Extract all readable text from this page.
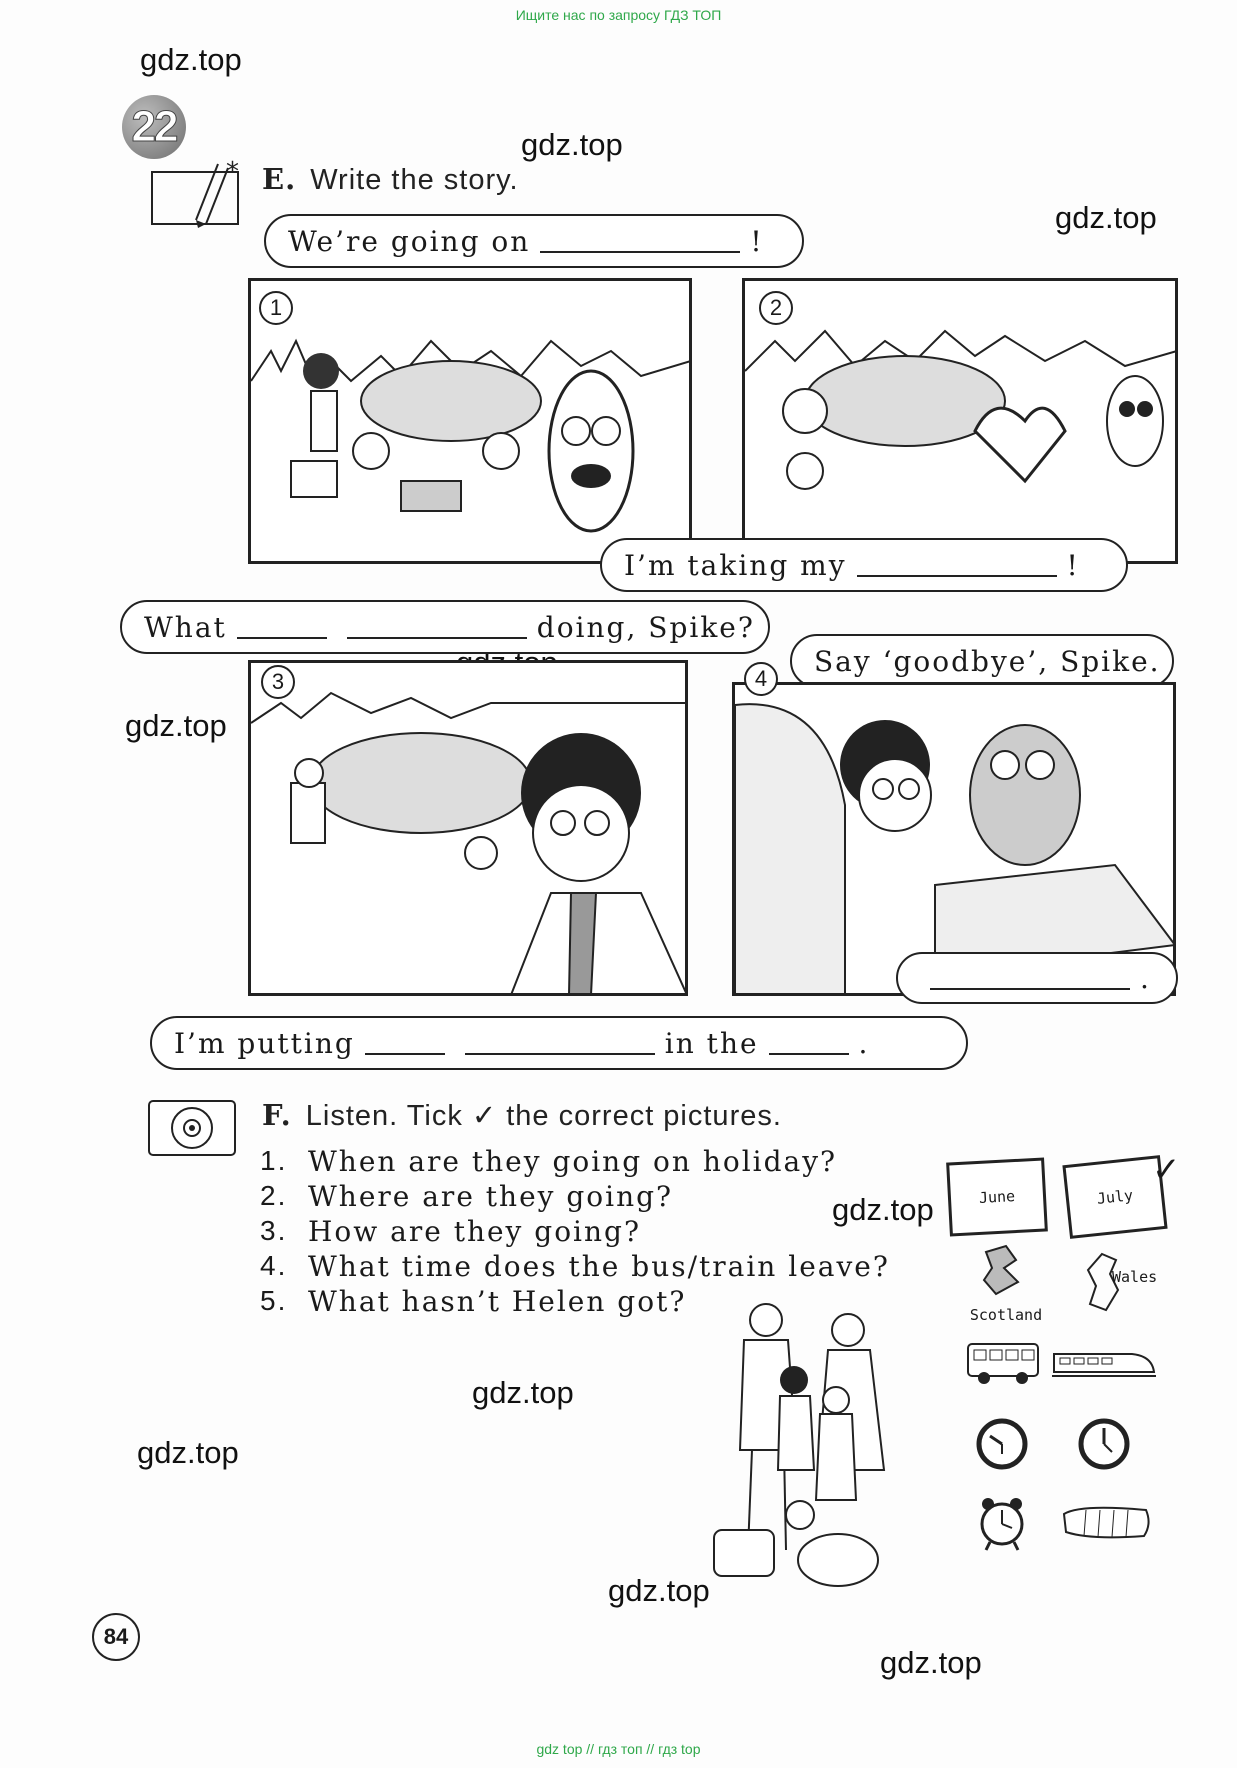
Ищите нас по запросу ГДЗ ТОП
gdz top // гдз топ // гдз top
gdz.top
gdz.top
gdz.top
gdz.top
gdz.top
gdz.top
gdz.top
gdz.top
gdz.top
22
* E. Write the story.
We’re going on	!
1	2
I’m taking my	!
What	doing, Spike?
3
Say ‘goodbye’, Spike.
4
.
I’m putting	in the	.
F. Listen. Tick ✓ the correct pictures.
1. When are they going on holiday?
2. Where are they going?
3. How are they going?
4. What time does the bus/train leave?
5. What hasn’t Helen got?
June	July
✓
Scotland
Wales
84
